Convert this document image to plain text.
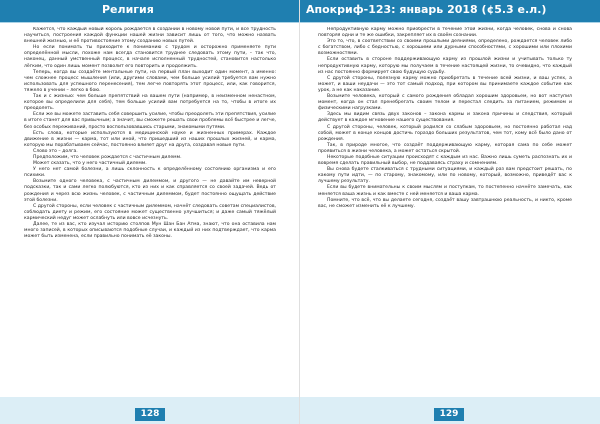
Религия

Кажется, что каждый новый король рождается в создании в новому новой пути, и все трудность научиться, построения каждой функции нашей жизни зависит лишь от того, что можно назвать внешней жизнью, и её противостояние этому созданию новых путей.

Но если понимать ты приходите к пониманию с трудом и осторожно применяете пути определённой мысли, похоже нам всегда становится труднее следовать этому пути, – так что, наконец, данный умственный процесс, в начале исполненный трудностей, становится настолько лёгким, что один лишь момент позволит его повторить и продолжить.

Теперь, когда вы создаёте ментальные пути, на первый план выходит один момент, а именно: чем сложнее процесс мышления (или, другими словами, чем больше усилий требуется вам нужно использовать для успешного перенесения), тем легче повторять этот процесс, или, как говорится, тяжело в учении – легко в бою.

Так и с жизнью: чем больше препятствий на вашем пути (например, в неизменном ненастном, которое вы определили для себя), тем больше усилий вам потребуется на то, чтобы в итоге их преодолеть.

Если же вы можете заставить себя совершить усилие, чтобы преодолеть эти препятствия, усилие в итоге станет для вас привычным; а значит, вы сможете решать свои проблемы всё быстрее и легче, без особых переживаний, просто воспользовавшись старыми, знакомыми путями.

Есть слова, которые используются в медицинской науке и жизненных примерах. Каждое движение в жизни — карма, тот или иной, что пришедший из наших прошлых жизней, и карма, которую мы порабатываем сейчас, постоянно влияет друг на друга, создавая новые пути.

Слово это – долга.

Предположим, что человек рождается с частичным дилемм.

Может сказать, что у него частичный дилемм.

У него нет самой болезни, а лишь склонность к определённому состоянию организма и его психики.

Возьмите одного человека, с частичным дилеммом, и другого — не давайте им неверной подсказки, так и сами легко полюбуются, кто из них и как справляется со своей задачей. Ведь от рождения и через всю жизнь человек, с частичным дилеммом, будет постоянно ощущать действие этой болезни.

С другой стороны, если человек с частичным дилеммом, начнёт следовать советам специалистов, соблюдать диету и режим, его состояние может существенно улучшиться; и даже самый тяжёлый кармический недуг может ослабнуть или вовсе исчезнуть.

Далее, те из вас, кто изучал историю столпов Мун Шан Бан Атма, знают, что она оставила нам много записей, в которых описываются подобные случаи, и каждый из них подтверждает, что карма может быть изменена, если правильно понимать её законы.

128
Апокриф-123: январь 2018 (¢5.3 е.л.)

Непродуктивную карму можно приобрести в течение этой жизни, когда человек, снова и снова повторяя одни и те же ошибки, закрепляет их в своём сознании.

Это то, что, в соответствии со своими прошлыми деяниями, определено, рождается человек либо с богатством, либо с бедностью, с хорошими или дурными способностями, с хорошими или плохими возможностями.

Если оставить в стороне поддерживающую карму из прошлой жизни и учитывать только ту непродуктивную карму, которую мы получаем в течение настоящей жизни, то очевидно, что каждый из нас постоянно формирует свою будущую судьбу.

С другой стороны, полезную карму можно приобретать в течение всей жизни, и ваш успех, а может, и ваши неудачи — это тот самый подход, при котором вы принимаете каждое событие как урок, а не как наказание.

Возьмите человека, который с самого рождения обладал хорошим здоровьем, но вот наступил момент, когда он стал пренебрегать своим телом и перестал следить за питанием, режимом и физическими нагрузками.

Здесь мы видим связь двух законов – закона кармы и закона причины и следствия, который действует в каждое мгновение нашего существования.

С другой стороны, человек, который родился со слабым здоровьем, но постоянно работал над собой, может в конце концов достичь гораздо больших результатов, чем тот, кому всё было дано от рождения.

Так, в природе многое, что создаёт поддерживающую карму, которая сама по себе может проявиться в жизни человека, а может остаться скрытой.

Некоторые подобные ситуации происходят с каждым из нас. Важно лишь суметь распознать их и вовремя сделать правильный выбор, не поддаваясь страху и сомнениям.

Вы снова будете сталкиваться с трудными ситуациями, и каждый раз вам предстоит решать, по какому пути идти, — по старому, знакомому, или по новому, который, возможно, приведёт вас к лучшему результату.

Если вы будете внимательны к своим мыслям и поступкам, то постепенно начнёте замечать, как меняется ваша жизнь и как вместе с ней меняется и ваша карма.

Помните, что всё, что вы делаете сегодня, создаёт вашу завтрашнюю реальность, и никто, кроме вас, не сможет изменить её к лучшему.

129
